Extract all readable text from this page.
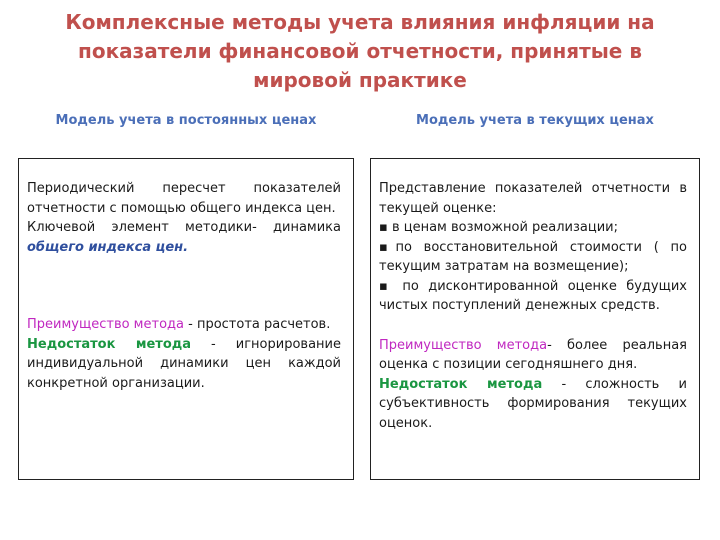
Комплексные методы учета влияния инфляции на показатели финансовой отчетности, принятые в мировой практике
Модель учета в постоянных ценах	Модель учета в текущих ценах

Периодический пересчет показателей отчетности с помощью общего индекса цен.

Ключевой элемент методики- динамика общего индекса цен.

Преимущество метода - простота расчетов.

Недостаток метода - игнорирование индивидуальной динамики цен каждой конкретной организации.

Представление показателей отчетности в текущей оценке:

▪ в ценам возможной реализации;

▪по восстановительной стоимости ( по текущим затратам на возмещение);

▪ по дисконтированной оценке будущих чистых поступлений денежных средств.

Преимущество метода- более реальная оценка с позиции сегодняшнего дня.

Недостаток метода - сложность и субъективность формирования текущих оценок.
